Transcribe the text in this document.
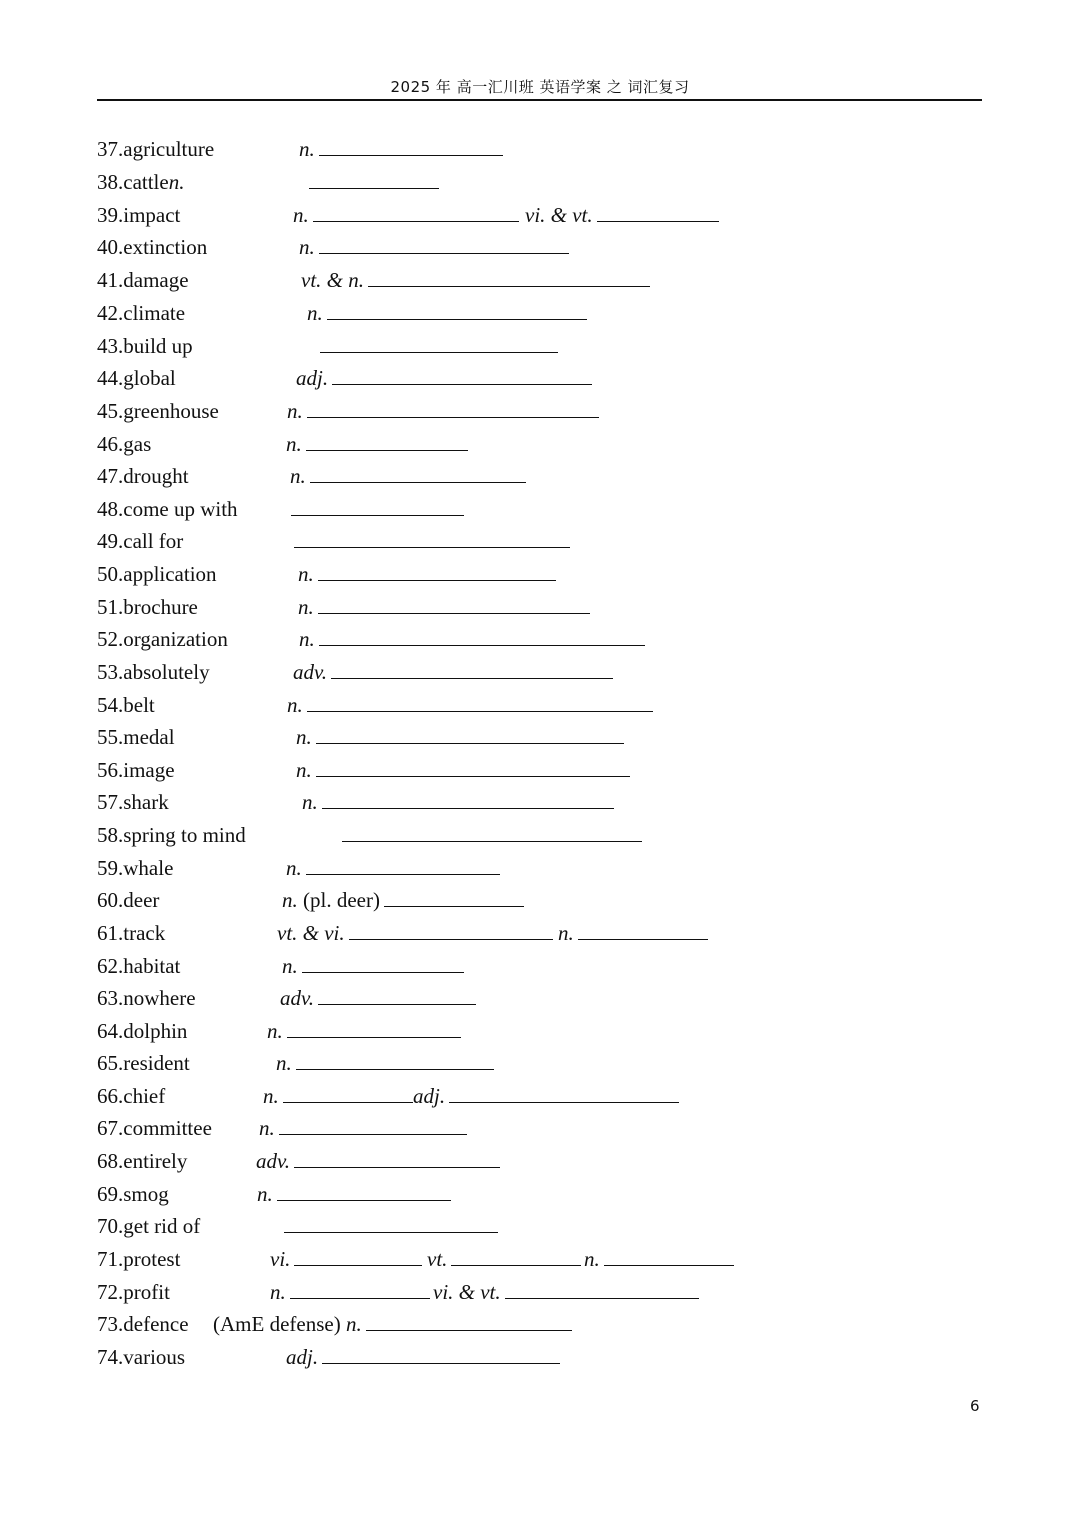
2025 年 高一汇川班 英语学案 之 词汇复习
37.agriculture	n.
38.cattlen.
39.impact	n.	vi. & vt.
40.extinction	n.
41.damage	vt. & n.
42.climate	n.
43.build up
44.global	adj.
45.greenhouse	n.
46.gas	n.
47.drought	n.
48.come up with
49.call for
50.application	n.
51.brochure	n.
52.organization	n.
53.absolutely	adv.
54.belt	n.
55.medal	n.
56.image	n.
57.shark	n.
58.spring to mind
59.whale	n.
60.deer	n. (pl. deer)
61.track	vt. & vi.	n.
62.habitat	n.
63.nowhere	adv.
64.dolphin	n.
65.resident	n.
66.chief	n.	adj.
67.committee n.
68.entirely	adv.
69.smog	n.
70.get rid of
71.protest	vi.	vt.	n.
72.profit	n.	vi. & vt.
73.defence (AmE defense) n.
74.various	adj.
6
